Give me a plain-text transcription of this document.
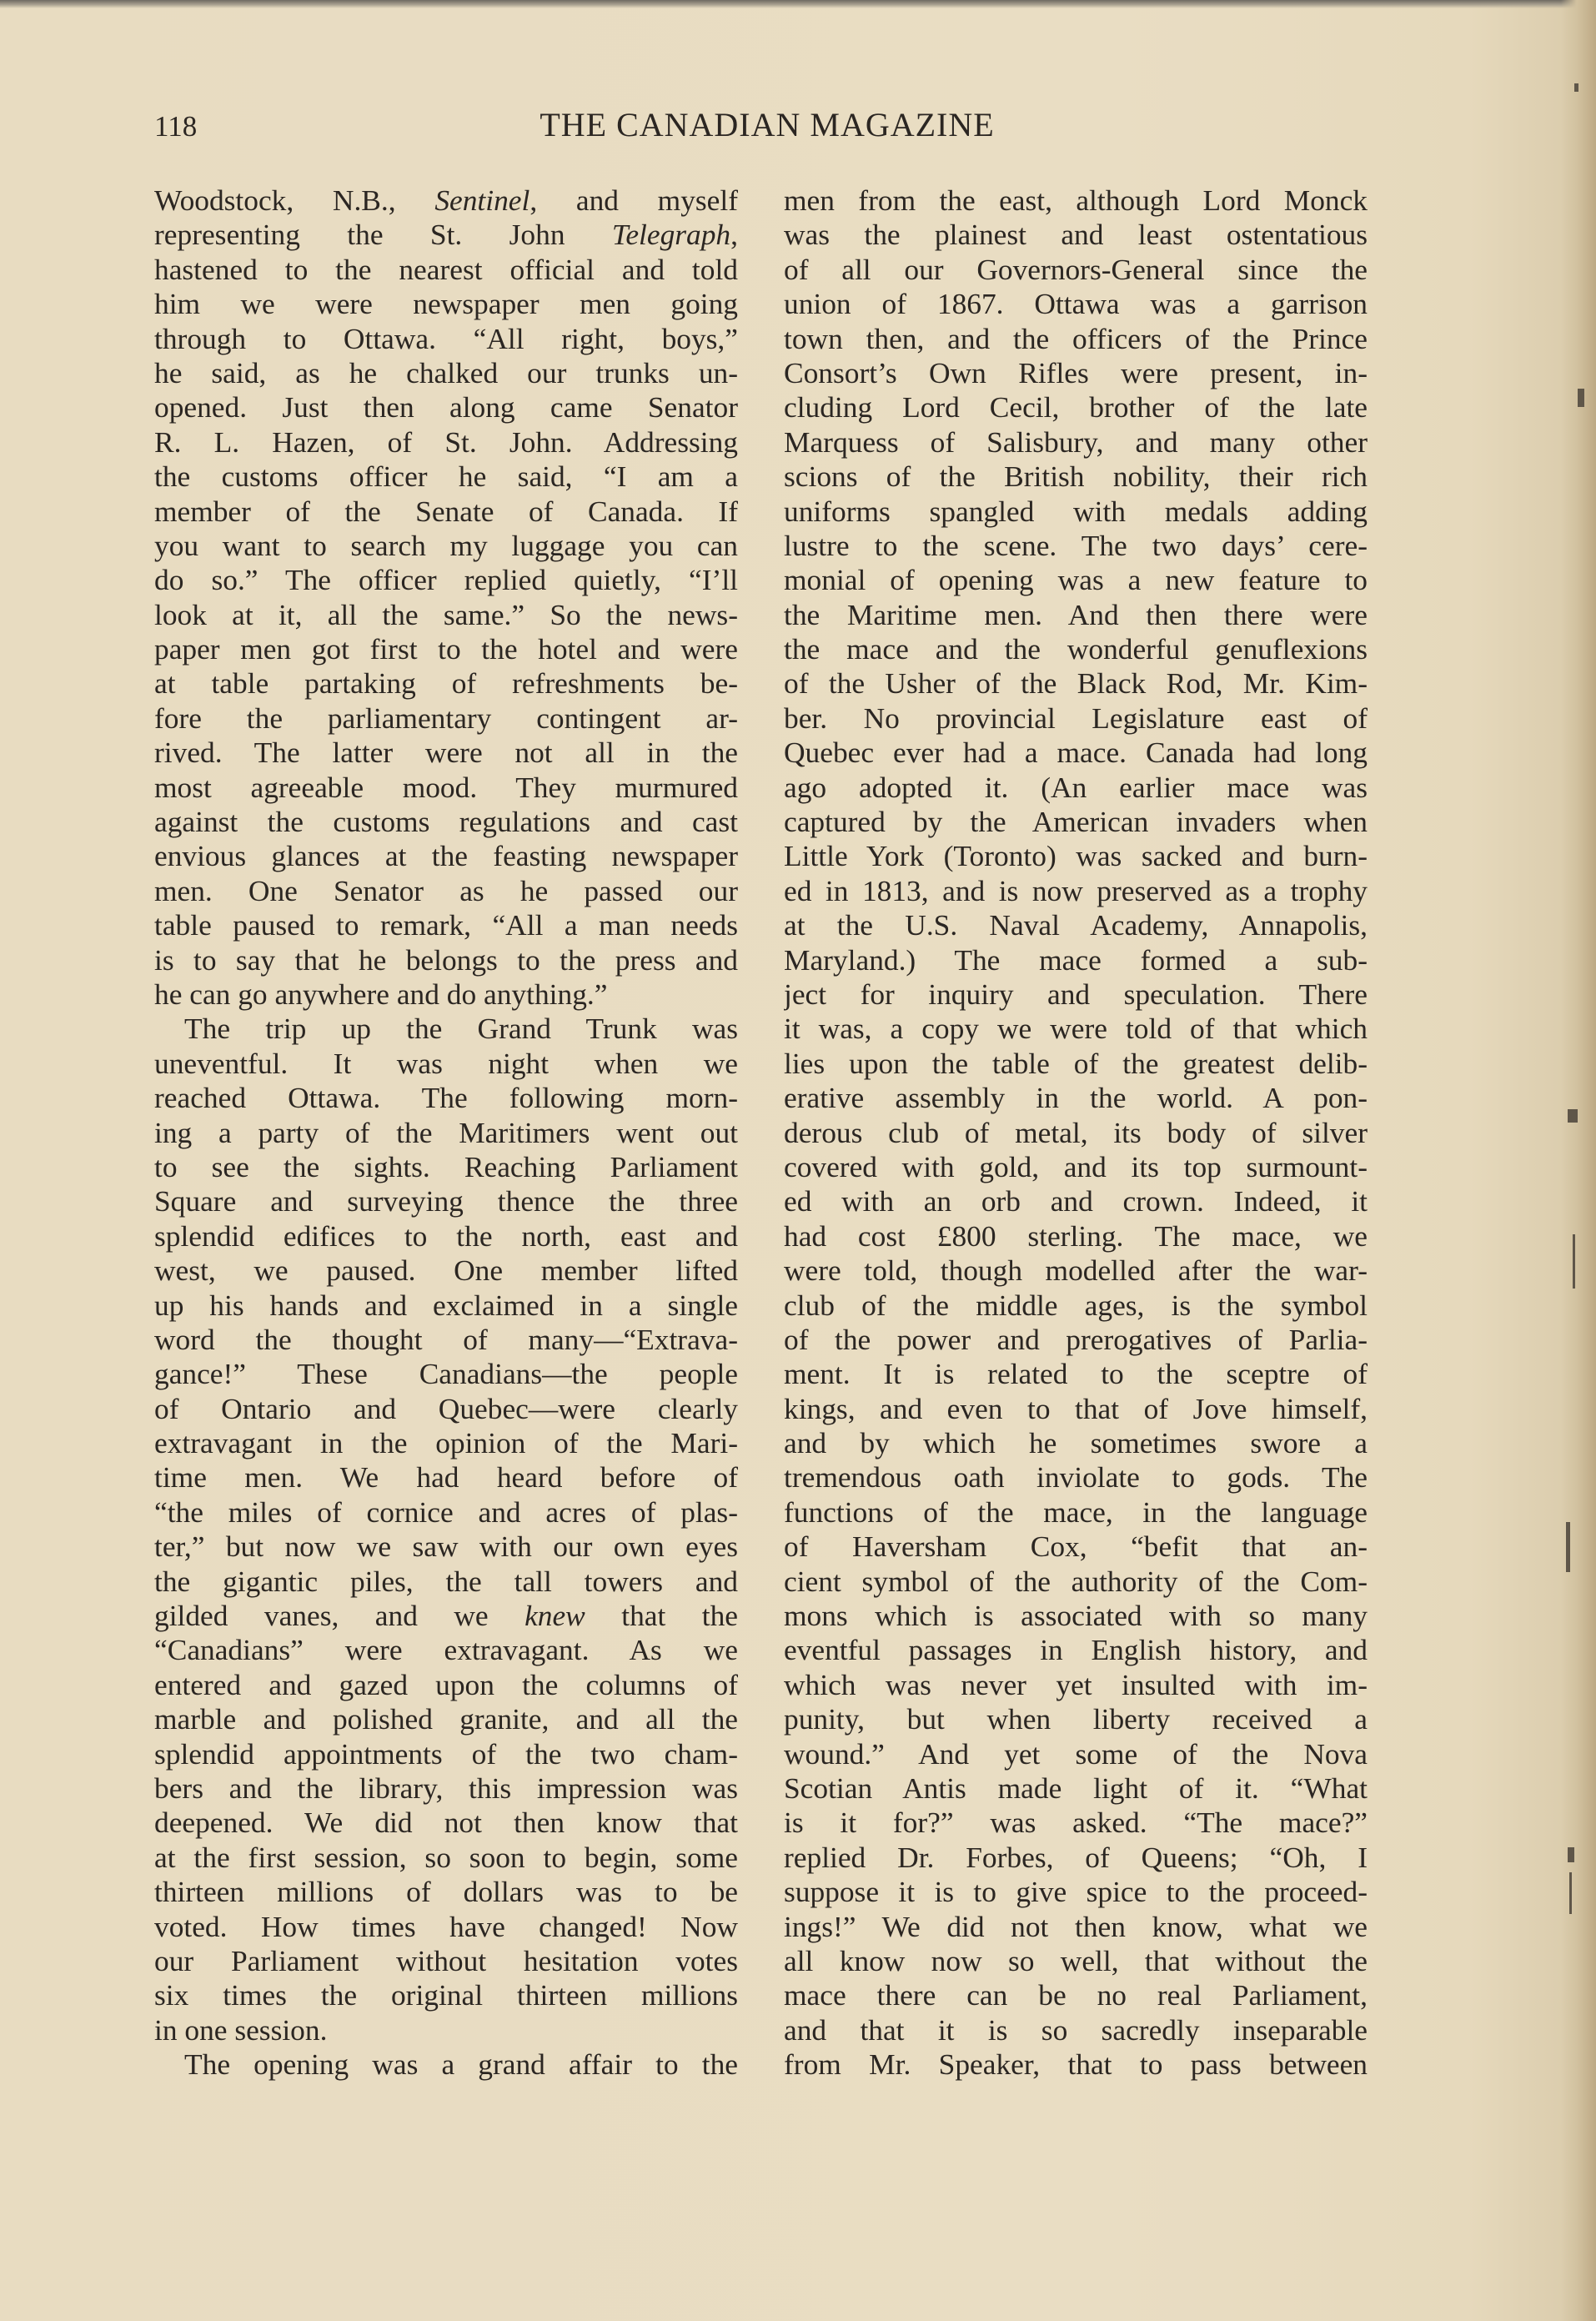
118	THE CANADIAN MAGAZINE
Woodstock, N.B., Sentinel, and myself
representing the St. John Telegraph,
hastened to the nearest official and told
him we were newspaper men going
through to Ottawa. “All right, boys,”
he said, as he chalked our trunks un-
opened. Just then along came Senator
R. L. Hazen, of St. John. Addressing
the customs officer he said, “I am a
member of the Senate of Canada. If
you want to search my luggage you can
do so.” The officer replied quietly, “I’ll
look at it, all the same.” So the news-
paper men got first to the hotel and were
at table partaking of refreshments be-
fore the parliamentary contingent ar-
rived. The latter were not all in the
most agreeable mood. They murmured
against the customs regulations and cast
envious glances at the feasting newspaper
men. One Senator as he passed our
table paused to remark, “All a man needs
is to say that he belongs to the press and
he can go anywhere and do anything.”
The trip up the Grand Trunk was
uneventful. It was night when we
reached Ottawa. The following morn-
ing a party of the Maritimers went out
to see the sights. Reaching Parliament
Square and surveying thence the three
splendid edifices to the north, east and
west, we paused. One member lifted
up his hands and exclaimed in a single
word the thought of many—“Extrava-
gance!” These Canadians—the people
of Ontario and Quebec—were clearly
extravagant in the opinion of the Mari-
time men. We had heard before of
“the miles of cornice and acres of plas-
ter,” but now we saw with our own eyes
the gigantic piles, the tall towers and
gilded vanes, and we knew that the
“Canadians” were extravagant. As we
entered and gazed upon the columns of
marble and polished granite, and all the
splendid appointments of the two cham-
bers and the library, this impression was
deepened. We did not then know that
at the first session, so soon to begin, some
thirteen millions of dollars was to be
voted. How times have changed! Now
our Parliament without hesitation votes
six times the original thirteen millions
in one session.
The opening was a grand affair to the
men from the east, although Lord Monck
was the plainest and least ostentatious
of all our Governors-General since the
union of 1867. Ottawa was a garrison
town then, and the officers of the Prince
Consort’s Own Rifles were present, in-
cluding Lord Cecil, brother of the late
Marquess of Salisbury, and many other
scions of the British nobility, their rich
uniforms spangled with medals adding
lustre to the scene. The two days’ cere-
monial of opening was a new feature to
the Maritime men. And then there were
the mace and the wonderful genuflexions
of the Usher of the Black Rod, Mr. Kim-
ber. No provincial Legislature east of
Quebec ever had a mace. Canada had long
ago adopted it. (An earlier mace was
captured by the American invaders when
Little York (Toronto) was sacked and burn-
ed in 1813, and is now preserved as a trophy
at the U.S. Naval Academy, Annapolis,
Maryland.) The mace formed a sub-
ject for inquiry and speculation. There
it was, a copy we were told of that which
lies upon the table of the greatest delib-
erative assembly in the world. A pon-
derous club of metal, its body of silver
covered with gold, and its top surmount-
ed with an orb and crown. Indeed, it
had cost £800 sterling. The mace, we
were told, though modelled after the war-
club of the middle ages, is the symbol
of the power and prerogatives of Parlia-
ment. It is related to the sceptre of
kings, and even to that of Jove himself,
and by which he sometimes swore a
tremendous oath inviolate to gods. The
functions of the mace, in the language
of Haversham Cox, “befit that an-
cient symbol of the authority of the Com-
mons which is associated with so many
eventful passages in English history, and
which was never yet insulted with im-
punity, but when liberty received a
wound.” And yet some of the Nova
Scotian Antis made light of it. “What
is it for?” was asked. “The mace?”
replied Dr. Forbes, of Queens; “Oh, I
suppose it is to give spice to the proceed-
ings!” We did not then know, what we
all know now so well, that without the
mace there can be no real Parliament,
and that it is so sacredly inseparable
from Mr. Speaker, that to pass between
